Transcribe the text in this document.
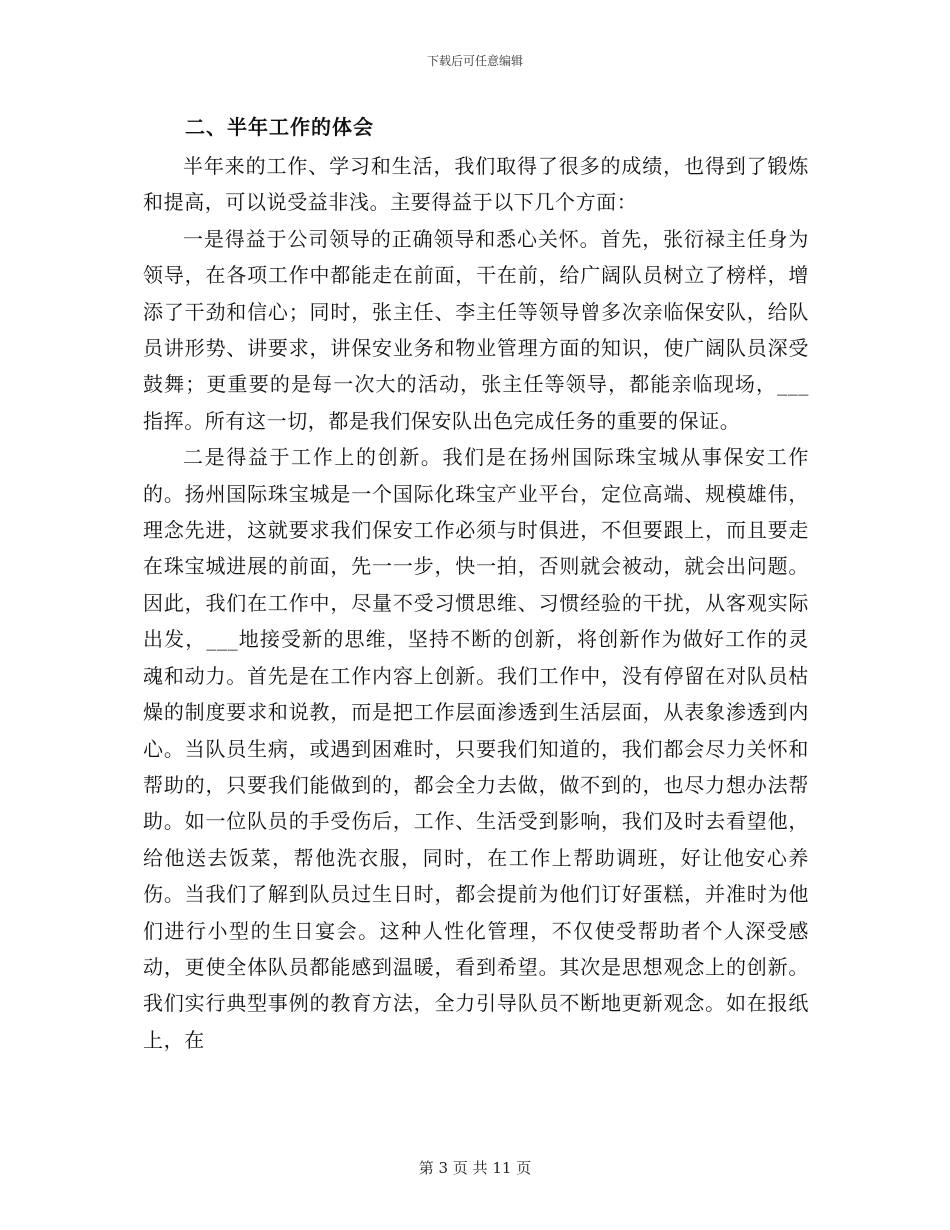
下载后可任意编辑
二、半年工作的体会

半年来的工作、学习和生活，我们取得了很多的成绩，也得到了锻炼和提高，可以说受益非浅。主要得益于以下几个方面：

一是得益于公司领导的正确领导和悉心关怀。首先，张衍禄主任身为领导，在各项工作中都能走在前面，干在前，给广阔队员树立了榜样，增添了干劲和信心；同时，张主任、李主任等领导曾多次亲临保安队，给队员讲形势、讲要求，讲保安业务和物业管理方面的知识，使广阔队员深受鼓舞；更重要的是每一次大的活动，张主任等领导，都能亲临现场，___指挥。所有这一切，都是我们保安队出色完成任务的重要的保证。

二是得益于工作上的创新。我们是在扬州国际珠宝城从事保安工作的。扬州国际珠宝城是一个国际化珠宝产业平台，定位高端、规模雄伟，理念先进，这就要求我们保安工作必须与时俱进，不但要跟上，而且要走在珠宝城进展的前面，先一一步，快一拍，否则就会被动，就会出问题。因此，我们在工作中，尽量不受习惯思维、习惯经验的干扰，从客观实际出发，___地接受新的思维，坚持不断的创新，将创新作为做好工作的灵魂和动力。首先是在工作内容上创新。我们工作中，没有停留在对队员枯燥的制度要求和说教，而是把工作层面渗透到生活层面，从表象渗透到内心。当队员生病，或遇到困难时，只要我们知道的，我们都会尽力关怀和帮助的，只要我们能做到的，都会全力去做，做不到的，也尽力想办法帮助。如一位队员的手受伤后，工作、生活受到影响，我们及时去看望他，给他送去饭菜，帮他洗衣服，同时，在工作上帮助调班，好让他安心养伤。当我们了解到队员过生日时，都会提前为他们订好蛋糕，并准时为他们进行小型的生日宴会。这种人性化管理，不仅使受帮助者个人深受感动，更使全体队员都能感到温暖，看到希望。其次是思想观念上的创新。我们实行典型事例的教育方法，全力引导队员不断地更新观念。如在报纸上，在

第 3 页 共 11 页
